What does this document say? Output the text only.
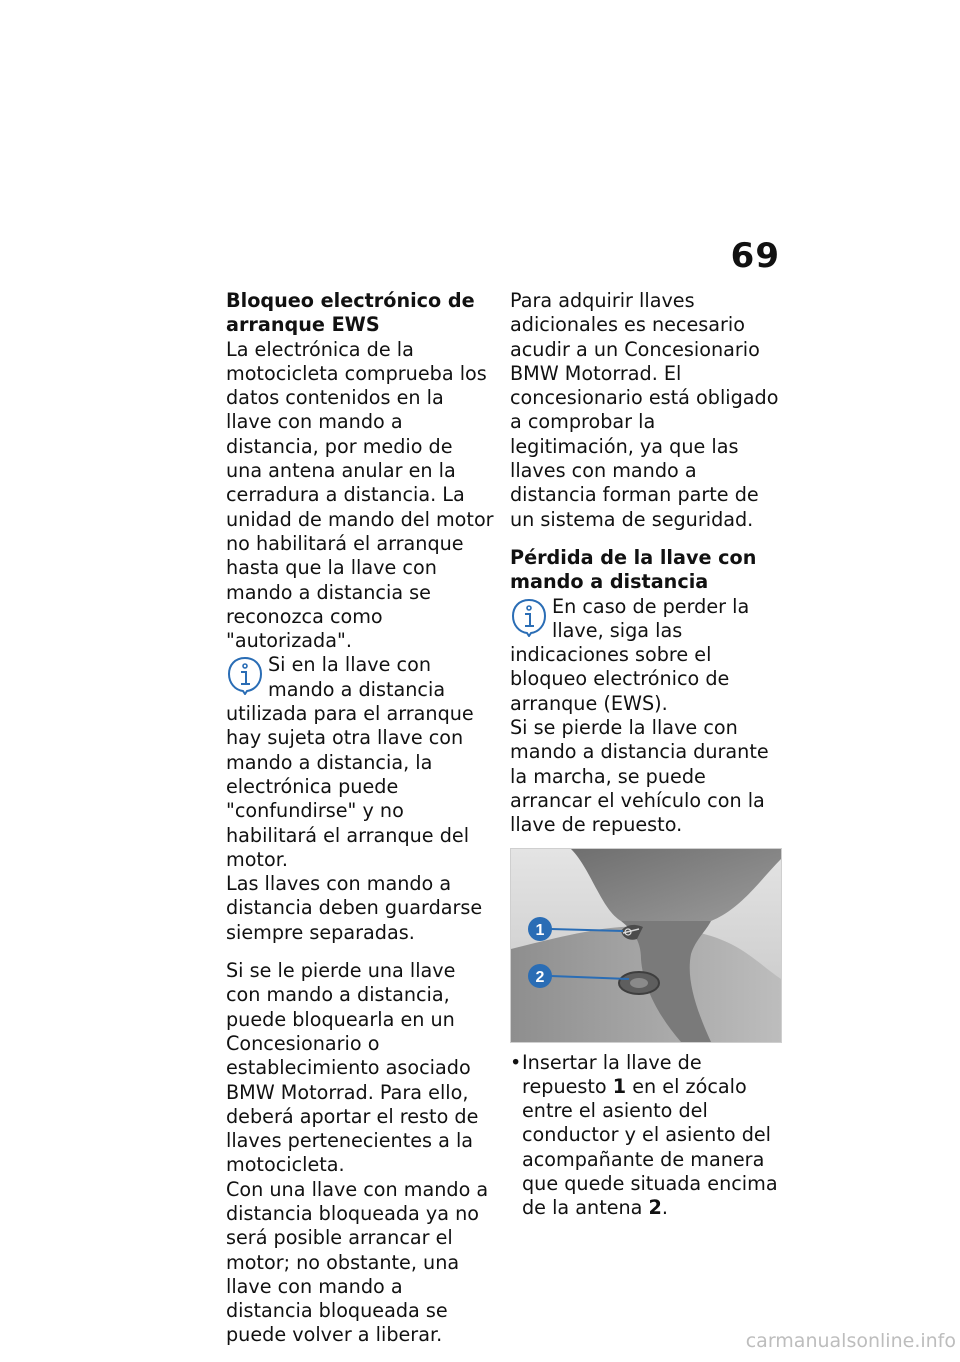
69

Bloqueo electrónico de arranque EWS

La electrónica de la motocicleta comprueba los datos contenidos en la llave con mando a distancia, por medio de una antena anular en la cerradura a distancia. La unidad de mando del motor no habilitará el arranque hasta que la llave con mando a distancia se reconozca como "autorizada".

Si en la llave con mando a distancia utilizada para el arranque hay sujeta otra llave con mando a distancia, la electrónica puede "confundirse" y no habilitará el arranque del motor.

Las llaves con mando a distancia deben guardarse siempre separadas.

Si se le pierde una llave con mando a distancia, puede bloquearla en un Concesionario o establecimiento asociado BMW Motorrad. Para ello, deberá aportar el resto de llaves pertenecientes a la motocicleta.

Con una llave con mando a distancia bloqueada ya no será posible arrancar el motor; no obstante, una llave con mando a distancia bloqueada se puede volver a liberar.

Para adquirir llaves adicionales es necesario acudir a un Concesionario BMW Motorrad. El concesionario está obligado a comprobar la legitimación, ya que las llaves con mando a distancia forman parte de un sistema de seguridad.

Pérdida de la llave con mando a distancia

En caso de perder la llave, siga las indicaciones sobre el bloqueo electrónico de arranque (EWS).

Si se pierde la llave con mando a distancia durante la marcha, se puede arrancar el vehículo con la llave de repuesto.

1
2
• Insertar la llave de repuesto 1 en el zócalo entre el asiento del conductor y el asiento del acompañante de manera que quede situada encima de la antena 2.
carmanualsonline.info
